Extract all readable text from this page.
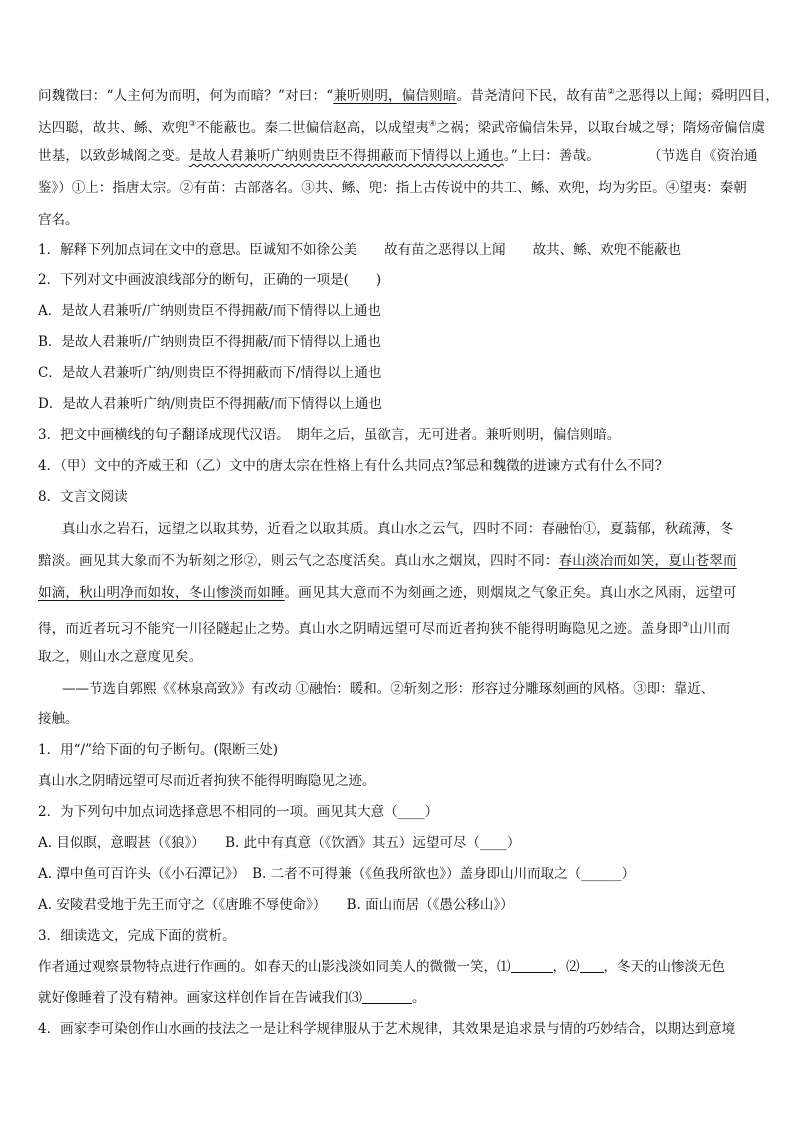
问魏徵曰：“人主何为而明，何为而暗？”对曰：“兼听则明，偏信则暗。昔尧清问下民，故有苗②之恶得以上闻；舜明四目，
达四聪，故共、鲧、欢兜③不能蔽也。秦二世偏信赵高，以成望夷④之祸；梁武帝偏信朱异，以取台城之辱；隋炀帝偏信虞
世基，以致彭城阁之变。是故人君兼听广纳则贵臣不得拥蔽而下情得以上通也。”上曰：善哉。	（节选自《资治通
鉴》）①上：指唐太宗。②有苗：古部落名。③共、鲧、兜：指上古传说中的共工、鲧、欢兜，均为劣臣。④望夷：秦朝
宫名。
1．解释下列加点词在文中的意思。臣诚知不如徐公美　　故有苗之恶得以上闻　　故共、鲧、欢兜不能蔽也
2．下列对文中画波浪线部分的断句，正确的一项是(　　)
A．是故人君兼听/广纳则贵臣不得拥蔽/而下情得以上通也
B．是故人君兼听/广纳则贵臣不得拥蔽/而下情得以上通也
C．是故人君兼听广纳/则贵臣不得拥蔽而下/情得以上通也
D．是故人君兼听广纳/则贵臣不得拥蔽/而下情得以上通也
3．把文中画横线的句子翻译成现代汉语。　期年之后，虽欲言，无可进者。兼听则明，偏信则暗。
4．（甲）文中的齐威王和（乙）文中的唐太宗在性格上有什么共同点?邹忌和魏徵的进谏方式有什么不同?
8．文言文阅读
真山水之岩石，远望之以取其势，近看之以取其质。真山水之云气，四时不同：春融怡①，夏蓊郁，秋疏薄，冬
黯淡。画见其大象而不为斩刻之形②，则云气之态度活矣。真山水之烟岚，四时不同：春山淡冶而如笑，夏山苍翠而
如滴，秋山明净而如妆，冬山惨淡而如睡。画见其大意而不为刻画之迹，则烟岚之气象正矣。真山水之风雨，远望可
得，而近者玩习不能究一川径隧起止之势。真山水之阴晴远望可尽而近者拘狭不能得明晦隐见之迹。盖身即③山川而
取之，则山水之意度见矣。
——节选自郭熙《《林泉高致》》有改动 ①融怡：暖和。②斩刻之形：形容过分雕琢刻画的风格。③即：靠近、
接触。
1．用“/”给下面的句子断句。(限断三处)
真山水之阴晴远望可尽而近者拘狭不能得明晦隐见之迹。
2．为下列句中加点词选择意思不相同的一项。画见其大意（____）
A. 目似瞑，意暇甚（《狼》）　　B. 此中有真意（《饮酒》其五）远望可尽（____）
A. 潭中鱼可百许头（《小石潭记》）　B. 二者不可得兼（《鱼我所欲也》）盖身即山川而取之（______）
A. 安陵君受地于先王而守之（《唐雎不辱使命》）　　B. 面山而居（《愚公移山》）
3．细读选文，完成下面的赏析。
作者通过观察景物特点进行作画的。如春天的山影浅淡如同美人的微微一笑，⑴	，⑵ ，冬天的山惨淡无色
就好像睡着了没有精神。画家这样创作旨在告诫我们⑶	。
4．画家李可染创作山水画的技法之一是让科学规律服从于艺术规律，其效果是追求景与情的巧妙结合，以期达到意境
